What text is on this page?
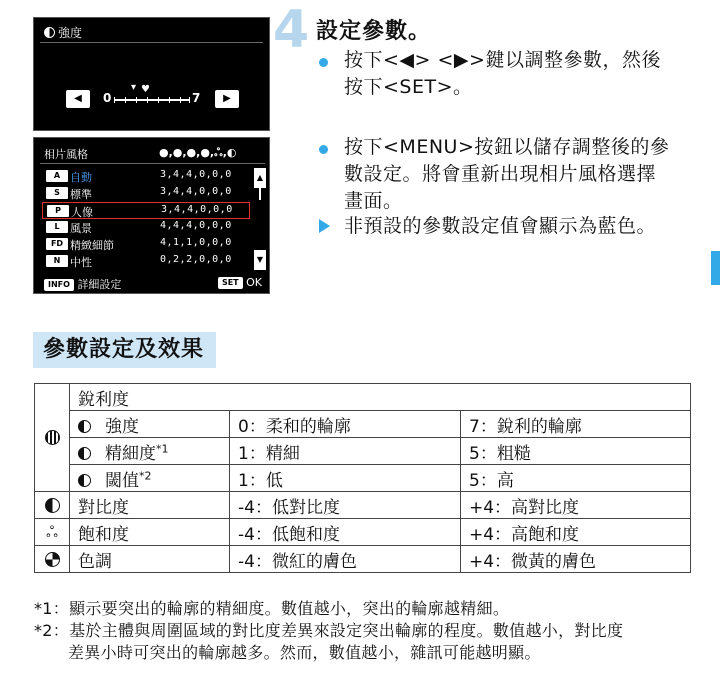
強度
◀	▶
0	7
▾ ♥
相片風格	●,●,●,●,ஃ,◐
A 自動	3,4,4,0,0,0
S 標準	3,4,4,0,0,0
P 人像	3,4,4,0,0,0
L 風景	4,4,4,0,0,0
FD 精緻細節	4,1,1,0,0,0
N 中性	0,2,2,0,0,0
▲
▼
INFO 詳細設定	SET OK
4 設定參數。
按下<◀> <▶>鍵以調整參數，然後
按下<SET>。
按下<MENU>按鈕以儲存調整後的參
數設定。將會重新出現相片風格選擇
畫面。
非預設的參數設定值會顯示為藍色。
參數設定及效果
	銳利度		
	強度	0：柔和的輪廓	7：銳利的輪廓
	精細度$^{*1}$	1：精細	5：粗糙
	閾值$^{*2}$	1：低	5：高
	對比度	-4：低對比度	+4：高對比度
ஃ	飽和度	-4：低飽和度	+4：高飽和度
	色調	-4：微紅的膚色	+4：微黃的膚色
*1：顯示要突出的輪廓的精細度。數值越小，突出的輪廓越精細。
*2：基於主體與周圍區域的對比度差異來設定突出輪廓的程度。數值越小，對比度
差異小時可突出的輪廓越多。然而，數值越小，雜訊可能越明顯。
